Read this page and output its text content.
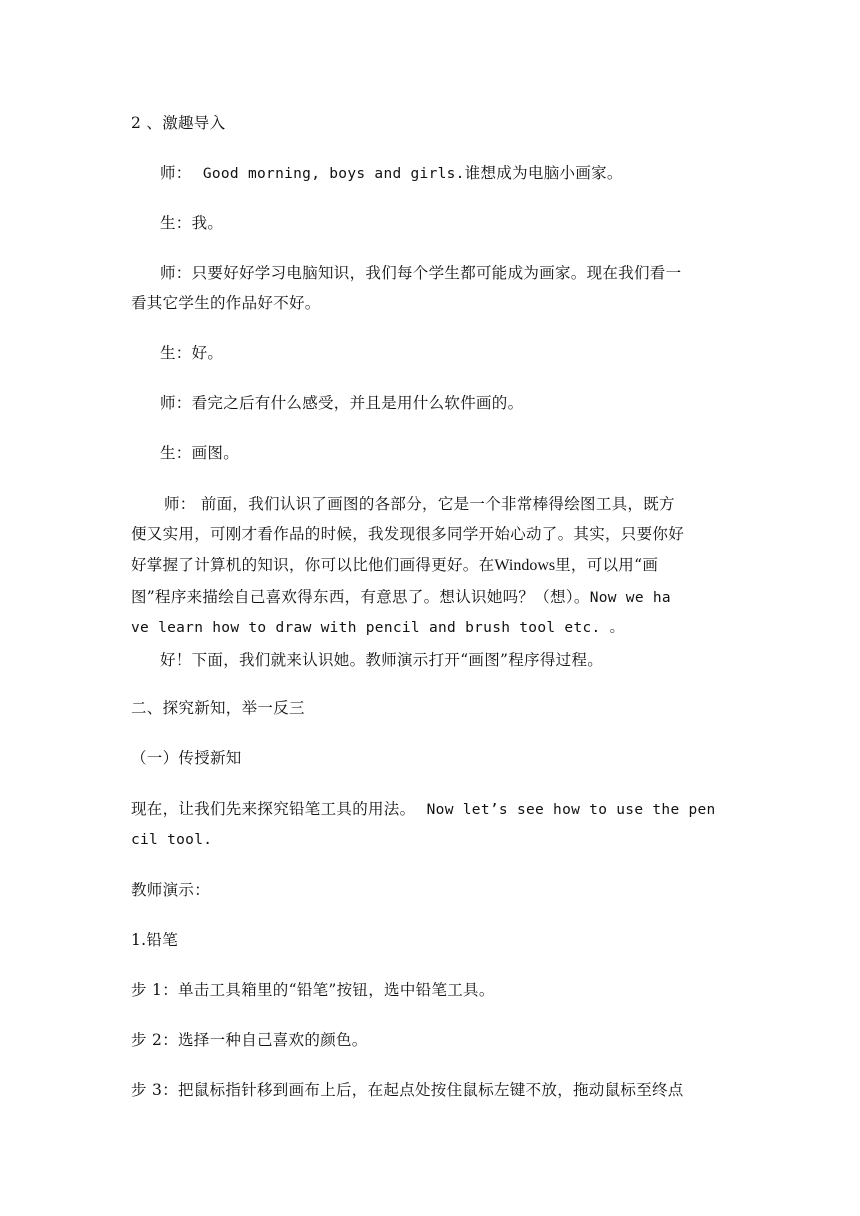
2 、激趣导入
师： Good morning, boys and girls.谁想成为电脑小画家。
生：我。
师：只要好好学习电脑知识，我们每个学生都可能成为画家。现在我们看一
看其它学生的作品好不好。
生：好。
师：看完之后有什么感受，并且是用什么软件画的。
生：画图。
师： 前面，我们认识了画图的各部分，它是一个非常棒得绘图工具，既方
便又实用，可刚才看作品的时候，我发现很多同学开始心动了。其实，只要你好
好掌握了计算机的知识，你可以比他们画得更好。在Windows里，可以用“画
图”程序来描绘自己喜欢得东西，有意思了。想认识她吗？（想）。Now we ha
ve learn how to draw with pencil and brush tool etc. 。
好！下面，我们就来认识她。教师演示打开“画图”程序得过程。
二、探究新知，举一反三
（一）传授新知
现在，让我们先来探究铅笔工具的用法。 Now let’s see how to use the pen
cil tool.
教师演示：
1.铅笔
步 1：单击工具箱里的“铅笔”按钮，选中铅笔工具。
步 2：选择一种自己喜欢的颜色。
步 3：把鼠标指针移到画布上后，在起点处按住鼠标左键不放，拖动鼠标至终点
